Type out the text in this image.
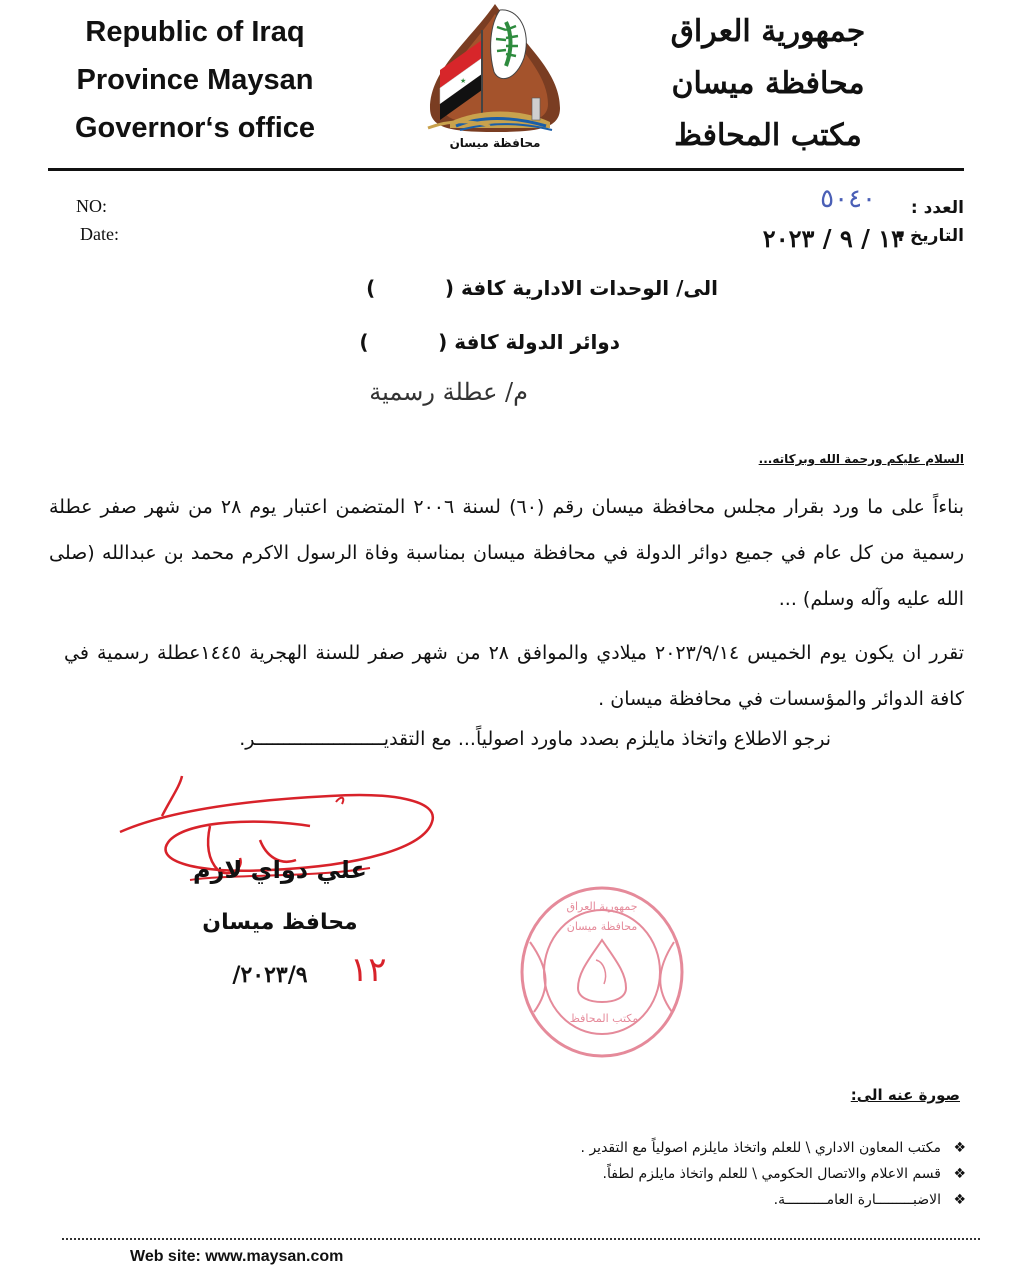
Republic of Iraq
Province Maysan
Governor‘s office
جمهورية العراق
محافظة ميسان
مكتب المحافظ
★
محافظة ميسان
NO:
Date:
العدد :
التاريخ :
٥٠٤٠
١٣ / ٩ / ٢٠٢٣
الى/ الوحدات الادارية كافة (          )
دوائر الدولة كافة (          )
م/ عطلة رسمية
السلام عليكم ورحمة الله وبركاته...
بناءاً على ما ورد بقرار مجلس محافظة ميسان رقم (٦٠) لسنة ٢٠٠٦ المتضمن اعتبار يوم ٢٨ من شهر صفر عطلة رسمية من كل عام في جميع دوائر الدولة في محافظة ميسان بمناسبة وفاة الرسول الاكرم محمد بن عبدالله (صلى الله عليه وآله وسلم) ...
تقرر ان يكون يوم الخميس ٢٠٢٣/٩/١٤ ميلادي والموافق ٢٨ من شهر صفر للسنة الهجرية ١٤٤٥عطلة رسمية في كافة الدوائر والمؤسسات في محافظة ميسان .
نرجو الاطلاع واتخاذ مايلزم بصدد ماورد اصولياً... مع التقديـــــــــــــــــــــــر.
علي دواي لازم
محافظ ميسان
٢٠٢٣/٩/	١٢
جمهورية العراق
محافظة ميسان
مكتب المحافظ
صورة عنه الى:
❖ مكتب المعاون الاداري \ للعلم واتخاذ مايلزم اصولياً مع التقدير .
❖ قسم الاعلام والاتصال الحكومي \ للعلم واتخاذ مايلزم لطفاً.
❖ الاضبـــــــــارة العامــــــــــة.
Web site: www.maysan.com
